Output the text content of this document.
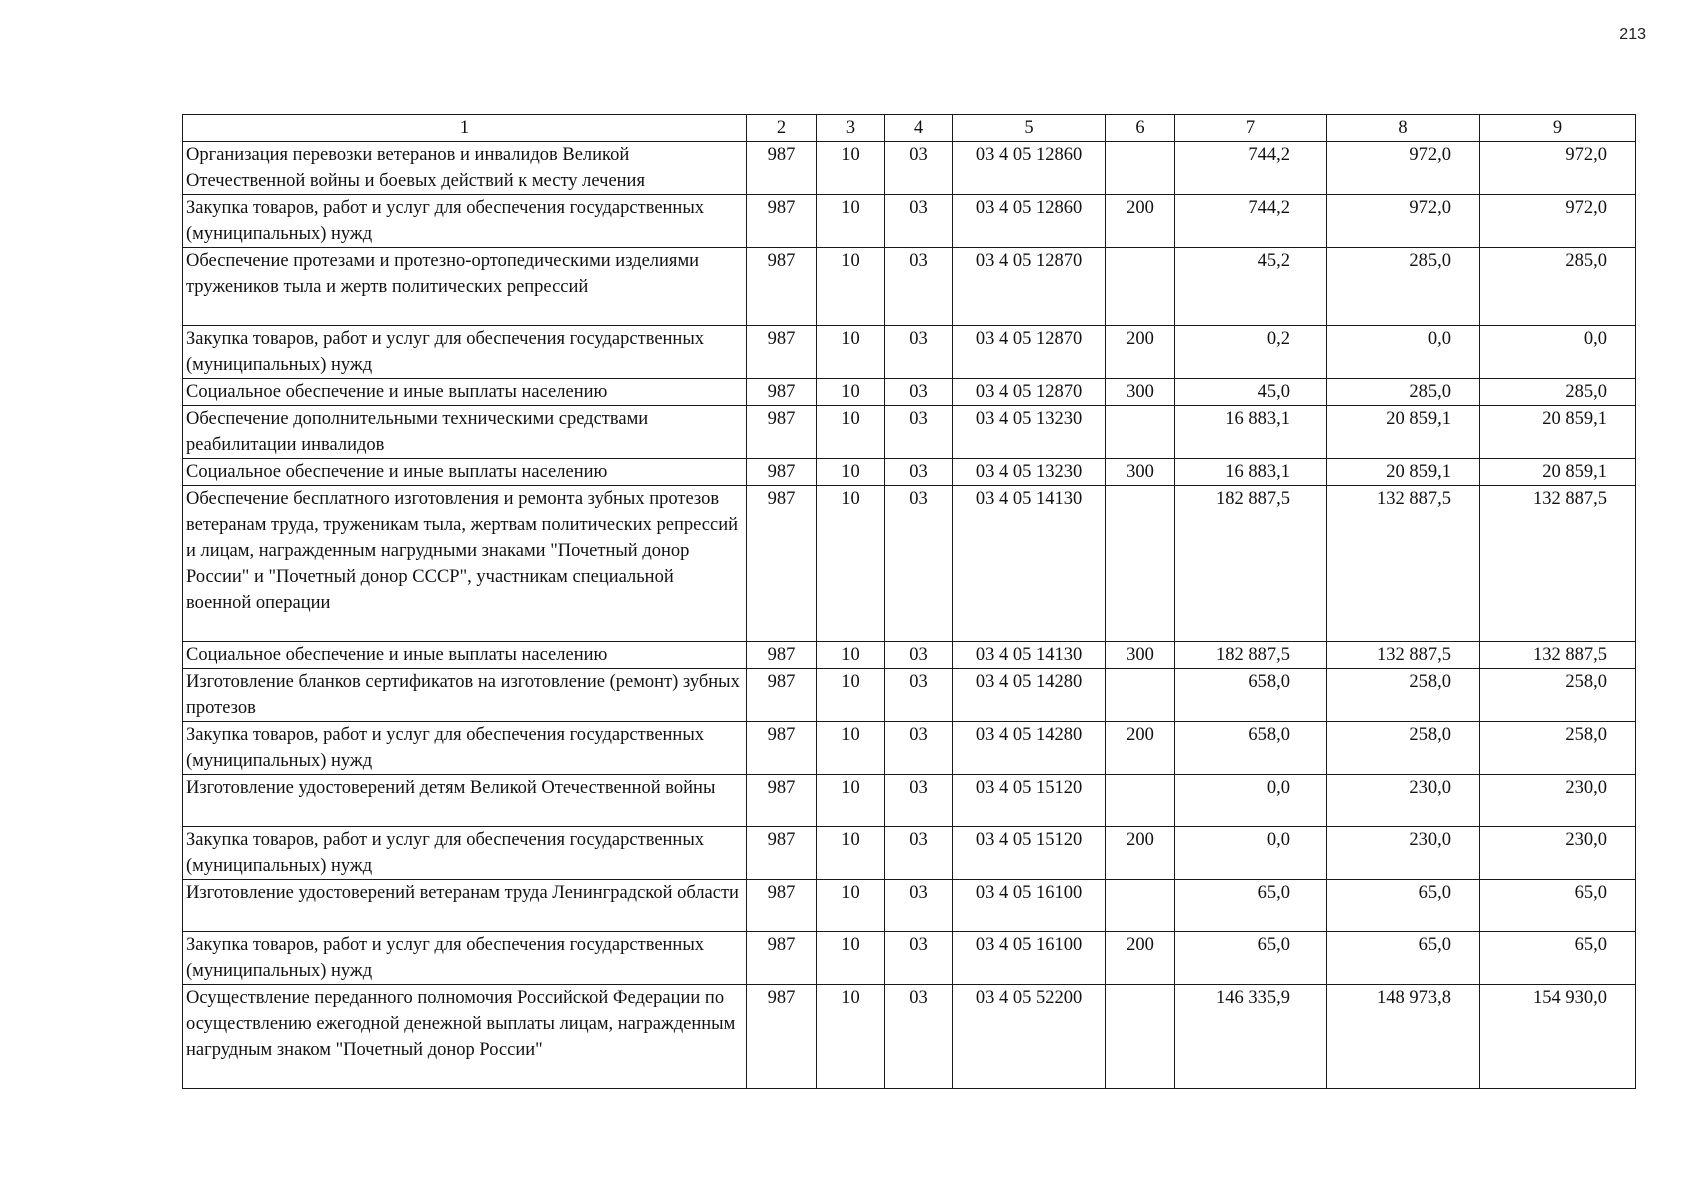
213
1	2	3	4	5	6	7	8	9
Организация перевозки ветеранов и инвалидов Великой Отечественной войны и боевых действий к месту лечения	987	10	03	03 4 05 12860		744,2	972,0	972,0
Закупка товаров, работ и услуг для обеспечения государственных (муниципальных) нужд	987	10	03	03 4 05 12860	200	744,2	972,0	972,0
Обеспечение протезами и протезно-ортопедическими изделиями тружеников тыла и жертв политических репрессий	987	10	03	03 4 05 12870		45,2	285,0	285,0
Закупка товаров, работ и услуг для обеспечения государственных (муниципальных) нужд	987	10	03	03 4 05 12870	200	0,2	0,0	0,0
Социальное обеспечение и иные выплаты населению	987	10	03	03 4 05 12870	300	45,0	285,0	285,0
Обеспечение дополнительными техническими средствами реабилитации инвалидов	987	10	03	03 4 05 13230		16 883,1	20 859,1	20 859,1
Социальное обеспечение и иные выплаты населению	987	10	03	03 4 05 13230	300	16 883,1	20 859,1	20 859,1
Обеспечение бесплатного изготовления и ремонта зубных протезов ветеранам труда, труженикам тыла, жертвам политических репрессий и лицам, награжденным нагрудными знаками "Почетный донор России" и "Почетный донор СССР", участникам специальной военной операции	987	10	03	03 4 05 14130		182 887,5	132 887,5	132 887,5
Социальное обеспечение и иные выплаты населению	987	10	03	03 4 05 14130	300	182 887,5	132 887,5	132 887,5
Изготовление бланков сертификатов на изготовление (ремонт) зубных протезов	987	10	03	03 4 05 14280		658,0	258,0	258,0
Закупка товаров, работ и услуг для обеспечения государственных (муниципальных) нужд	987	10	03	03 4 05 14280	200	658,0	258,0	258,0
Изготовление удостоверений детям Великой Отечественной войны	987	10	03	03 4 05 15120		0,0	230,0	230,0
Закупка товаров, работ и услуг для обеспечения государственных (муниципальных) нужд	987	10	03	03 4 05 15120	200	0,0	230,0	230,0
Изготовление удостоверений ветеранам труда Ленинградской области	987	10	03	03 4 05 16100		65,0	65,0	65,0
Закупка товаров, работ и услуг для обеспечения государственных (муниципальных) нужд	987	10	03	03 4 05 16100	200	65,0	65,0	65,0
Осуществление переданного полномочия Российской Федерации по осуществлению ежегодной денежной выплаты лицам, награжденным нагрудным знаком "Почетный донор России"	987	10	03	03 4 05 52200		146 335,9	148 973,8	154 930,0
